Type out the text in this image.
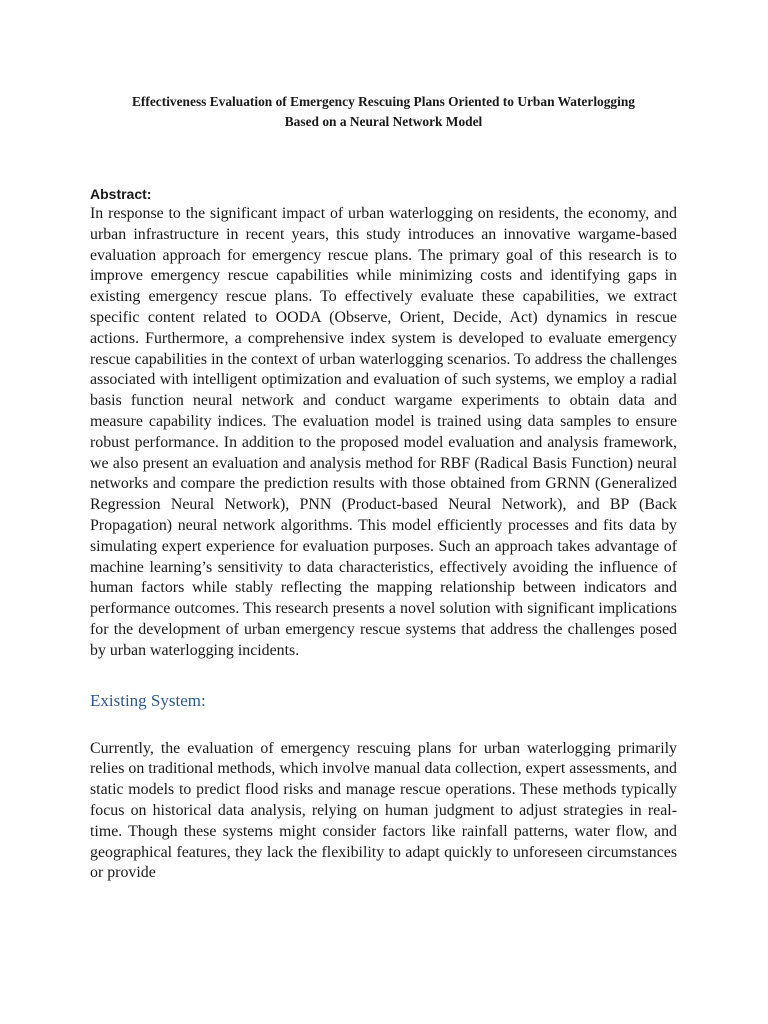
Effectiveness Evaluation of Emergency Rescuing Plans Oriented to Urban Waterlogging
Based on a Neural Network Model
Abstract:

In response to the significant impact of urban waterlogging on residents, the economy, and urban infrastructure in recent years, this study introduces an innovative wargame-based evaluation approach for emergency rescue plans. The primary goal of this research is to improve emergency rescue capabilities while minimizing costs and identifying gaps in existing emergency rescue plans. To effectively evaluate these capabilities, we extract specific content related to OODA (Observe, Orient, Decide, Act) dynamics in rescue actions. Furthermore, a comprehensive index system is developed to evaluate emergency rescue capabilities in the context of urban waterlogging scenarios. To address the challenges associated with intelligent optimization and evaluation of such systems, we employ a radial basis function neural network and conduct wargame experiments to obtain data and measure capability indices. The evaluation model is trained using data samples to ensure robust performance. In addition to the proposed model evaluation and analysis framework, we also present an evaluation and analysis method for RBF (Radical Basis Function) neural networks and compare the prediction results with those obtained from GRNN (Generalized Regression Neural Network), PNN (Product-based Neural Network), and BP (Back Propagation) neural network algorithms. This model efficiently processes and fits data by simulating expert experience for evaluation purposes. Such an approach takes advantage of machine learning’s sensitivity to data characteristics, effectively avoiding the influence of human factors while stably reflecting the mapping relationship between indicators and performance outcomes. This research presents a novel solution with significant implications for the development of urban emergency rescue systems that address the challenges posed by urban waterlogging incidents.

Existing System:

Currently, the evaluation of emergency rescuing plans for urban waterlogging primarily relies on traditional methods, which involve manual data collection, expert assessments, and static models to predict flood risks and manage rescue operations. These methods typically focus on historical data analysis, relying on human judgment to adjust strategies in real-time. Though these systems might consider factors like rainfall patterns, water flow, and geographical features, they lack the flexibility to adapt quickly to unforeseen circumstances or provide
